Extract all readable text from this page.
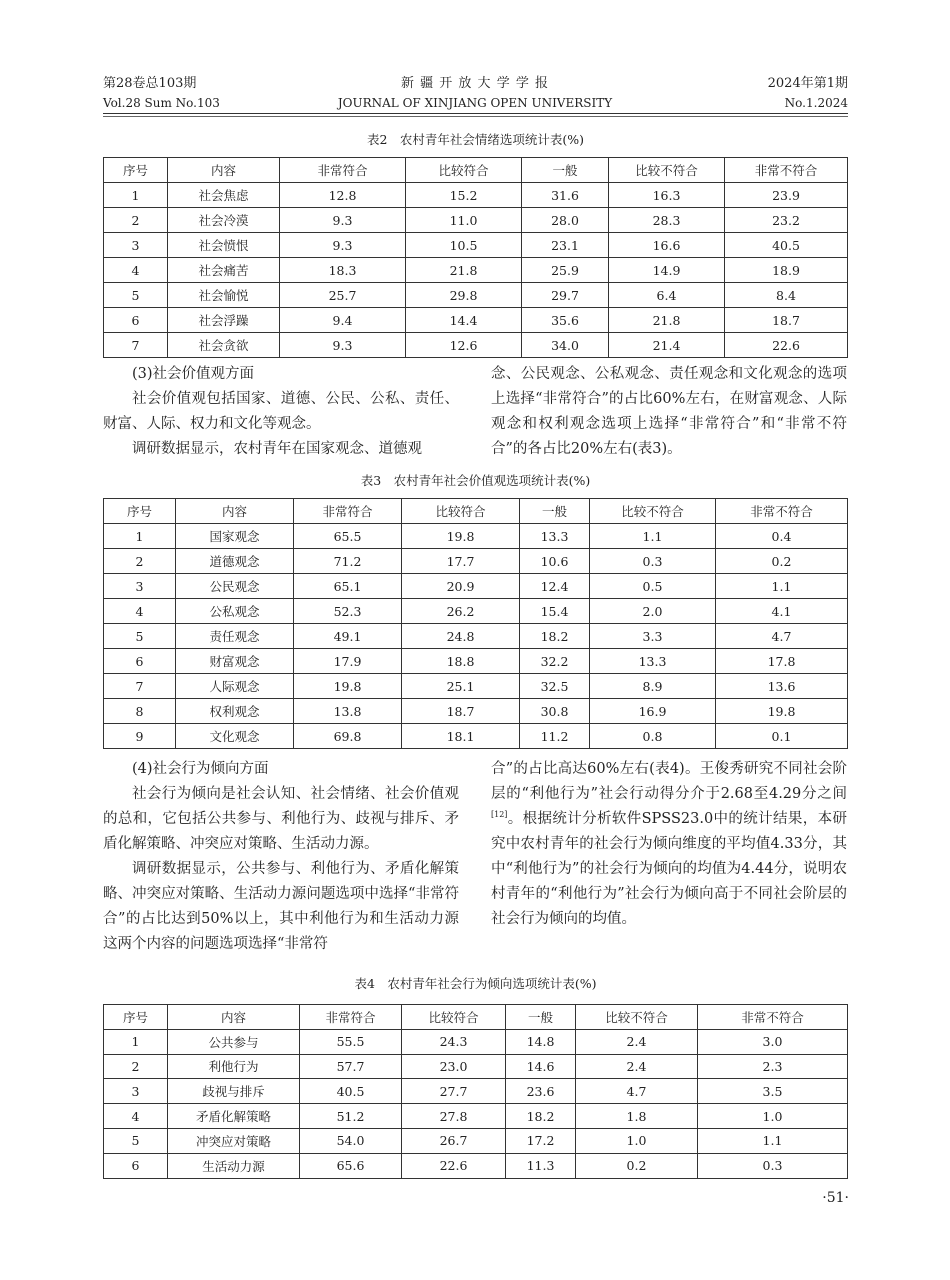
第28卷总103期
Vol.28 Sum No.103
新 疆 开 放 大 学 学 报
JOURNAL OF XINJIANG OPEN UNIVERSITY
2024年第1期
No.1.2024
表2　农村青年社会情绪选项统计表(%)
序号	内容	非常符合	比较符合	一般	比较不符合	非常不符合
1	社会焦虑	12.8	15.2	31.6	16.3	23.9
2	社会冷漠	9.3	11.0	28.0	28.3	23.2
3	社会愤恨	9.3	10.5	23.1	16.6	40.5
4	社会痛苦	18.3	21.8	25.9	14.9	18.9
5	社会愉悦	25.7	29.8	29.7	6.4	8.4
6	社会浮躁	9.4	14.4	35.6	21.8	18.7
7	社会贪欲	9.3	12.6	34.0	21.4	22.6

(3)社会价值观方面

社会价值观包括国家、道德、公民、公私、责任、财富、人际、权力和文化等观念。

调研数据显示，农村青年在国家观念、道德观

念、公民观念、公私观念、责任观念和文化观念的选项上选择“非常符合”的占比60%左右，在财富观念、人际观念和权利观念选项上选择“非常符合”和“非常不符合”的各占比20%左右(表3)。

表3　农村青年社会价值观选项统计表(%)
序号	内容	非常符合	比较符合	一般	比较不符合	非常不符合
1	国家观念	65.5	19.8	13.3	1.1	0.4
2	道德观念	71.2	17.7	10.6	0.3	0.2
3	公民观念	65.1	20.9	12.4	0.5	1.1
4	公私观念	52.3	26.2	15.4	2.0	4.1
5	责任观念	49.1	24.8	18.2	3.3	4.7
6	财富观念	17.9	18.8	32.2	13.3	17.8
7	人际观念	19.8	25.1	32.5	8.9	13.6
8	权利观念	13.8	18.7	30.8	16.9	19.8
9	文化观念	69.8	18.1	11.2	0.8	0.1

(4)社会行为倾向方面

社会行为倾向是社会认知、社会情绪、社会价值观的总和，它包括公共参与、利他行为、歧视与排斥、矛盾化解策略、冲突应对策略、生活动力源。

调研数据显示，公共参与、利他行为、矛盾化解策略、冲突应对策略、生活动力源问题选项中选择“非常符合”的占比达到50%以上，其中利他行为和生活动力源这两个内容的问题选项选择“非常符

合”的占比高达60%左右(表4)。王俊秀研究不同社会阶层的“利他行为”社会行动得分介于2.68至4.29分之间[12]。根据统计分析软件SPSS23.0中的统计结果，本研究中农村青年的社会行为倾向维度的平均值4.33分，其中“利他行为”的社会行为倾向的均值为4.44分，说明农村青年的“利他行为”社会行为倾向高于不同社会阶层的社会行为倾向的均值。

表4　农村青年社会行为倾向选项统计表(%)
序号	内容	非常符合	比较符合	一般	比较不符合	非常不符合
1	公共参与	55.5	24.3	14.8	2.4	3.0
2	利他行为	57.7	23.0	14.6	2.4	2.3
3	歧视与排斥	40.5	27.7	23.6	4.7	3.5
4	矛盾化解策略	51.2	27.8	18.2	1.8	1.0
5	冲突应对策略	54.0	26.7	17.2	1.0	1.1
6	生活动力源	65.6	22.6	11.3	0.2	0.3
·51·
